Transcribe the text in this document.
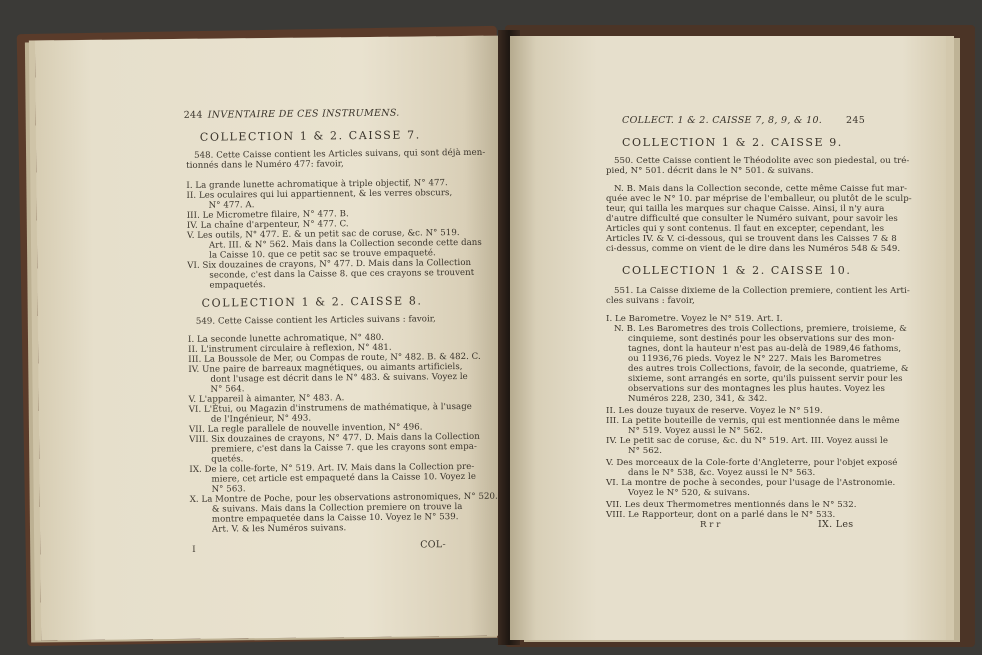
244 INVENTAIRE DE CES INSTRUMENS.
COLLECTION 1 & 2. CAISSE 7.
548. Cette Caisse contient les Articles suivans, qui sont déjà men-
tionnés dans le Numéro 477: favoir,
I. La grande lunette achromatique à triple objectif, N° 477.
II. Les oculaires qui lui appartiennent, & les verres obscurs,
N° 477. A.
III. Le Micrometre filaire, N° 477. B.
IV. La chaîne d'arpenteur, N° 477. C.
V. Les outils, N° 477. E. & un petit sac de coruse, &c. N° 519.
Art. III. & N° 562. Mais dans la Collection seconde cette dans
la Caisse 10. que ce petit sac se trouve empaqueté.
VI. Six douzaines de crayons, N° 477. D. Mais dans la Collection
seconde, c'est dans la Caisse 8. que ces crayons se trouvent
empaquetés.
COLLECTION 1 & 2. CAISSE 8.
549. Cette Caisse contient les Articles suivans : favoir,
I. La seconde lunette achromatique, N° 480.
II. L'instrument circulaire à reflexion, N° 481.
III. La Boussole de Mer, ou Compas de route, N° 482. B. & 482. C.
IV. Une paire de barreaux magnétiques, ou aimants artificiels,
dont l'usage est décrit dans le N° 483. & suivans. Voyez le
N° 564.
V. L'appareil à aimanter, N° 483. A.
VI. L'Étui, ou Magazin d'instrumens de mathématique, à l'usage
de l'Ingénieur, N° 493.
VII. La regle parallele de nouvelle invention, N° 496.
VIII. Six douzaines de crayons, N° 477. D. Mais dans la Collection
premiere, c'est dans la Caisse 7. que les crayons sont empa-
quetés.
IX. De la colle-forte, N° 519. Art. IV. Mais dans la Collection pre-
miere, cet article est empaqueté dans la Caisse 10. Voyez le
N° 563.
X. La Montre de Poche, pour les observations astronomiques, N° 520.
& suivans. Mais dans la Collection premiere on trouve la
montre empaquetée dans la Caisse 10. Voyez le N° 539.
Art. V. & les Numéros suivans.
I	COL-
COLLECT. 1 & 2. CAISSE 7, 8, 9, & 10.	245
COLLECTION 1 & 2. CAISSE 9.
550. Cette Caisse contient le Théodolite avec son piedestal, ou tré-
pied, N° 501. décrit dans le N° 501. & suivans.
N. B. Mais dans la Collection seconde, cette même Caisse fut mar-
quée avec le N° 10. par méprise de l'emballeur, ou plutôt de le sculp-
teur, qui tailla les marques sur chaque Caisse. Ainsi, il n'y aura
d'autre difficulté que consulter le Numéro suivant, pour savoir les
Articles qui y sont contenus. Il faut en excepter, cependant, les
Articles IV. & V. ci-dessous, qui se trouvent dans les Caisses 7 & 8
ci-dessus, comme on vient de le dire dans les Numéros 548 & 549.
COLLECTION 1 & 2. CAISSE 10.
551. La Caisse dixieme de la Collection premiere, contient les Arti-
cles suivans : favoir,
I. Le Barometre. Voyez le N° 519. Art. I.
N. B. Les Barometres des trois Collections, premiere, troisieme, &
cinquieme, sont destinés pour les observations sur des mon-
tagnes, dont la hauteur n'est pas au-delà de 1989,46 fathoms,
ou 11936,76 pieds. Voyez le N° 227. Mais les Barometres
des autres trois Collections, favoir, de la seconde, quatrieme, &
sixieme, sont arrangés en sorte, qu'ils puissent servir pour les
observations sur des montagnes les plus hautes. Voyez les
Numéros 228, 230, 341, & 342.
II. Les douze tuyaux de reserve. Voyez le N° 519.
III. La petite bouteille de vernis, qui est mentionnée dans le même
N° 519. Voyez aussi le N° 562.
IV. Le petit sac de coruse, &c. du N° 519. Art. III. Voyez aussi le
N° 562.
V. Des morceaux de la Cole-forte d'Angleterre, pour l'objet exposé
dans le N° 538, &c. Voyez aussi le N° 563.
VI. La montre de poche à secondes, pour l'usage de l'Astronomie.
Voyez le N° 520, & suivans.
VII. Les deux Thermometres mentionnés dans le N° 532.
VIII. Le Rapporteur, dont on a parlé dans le N° 533.
R r r	IX. Les
